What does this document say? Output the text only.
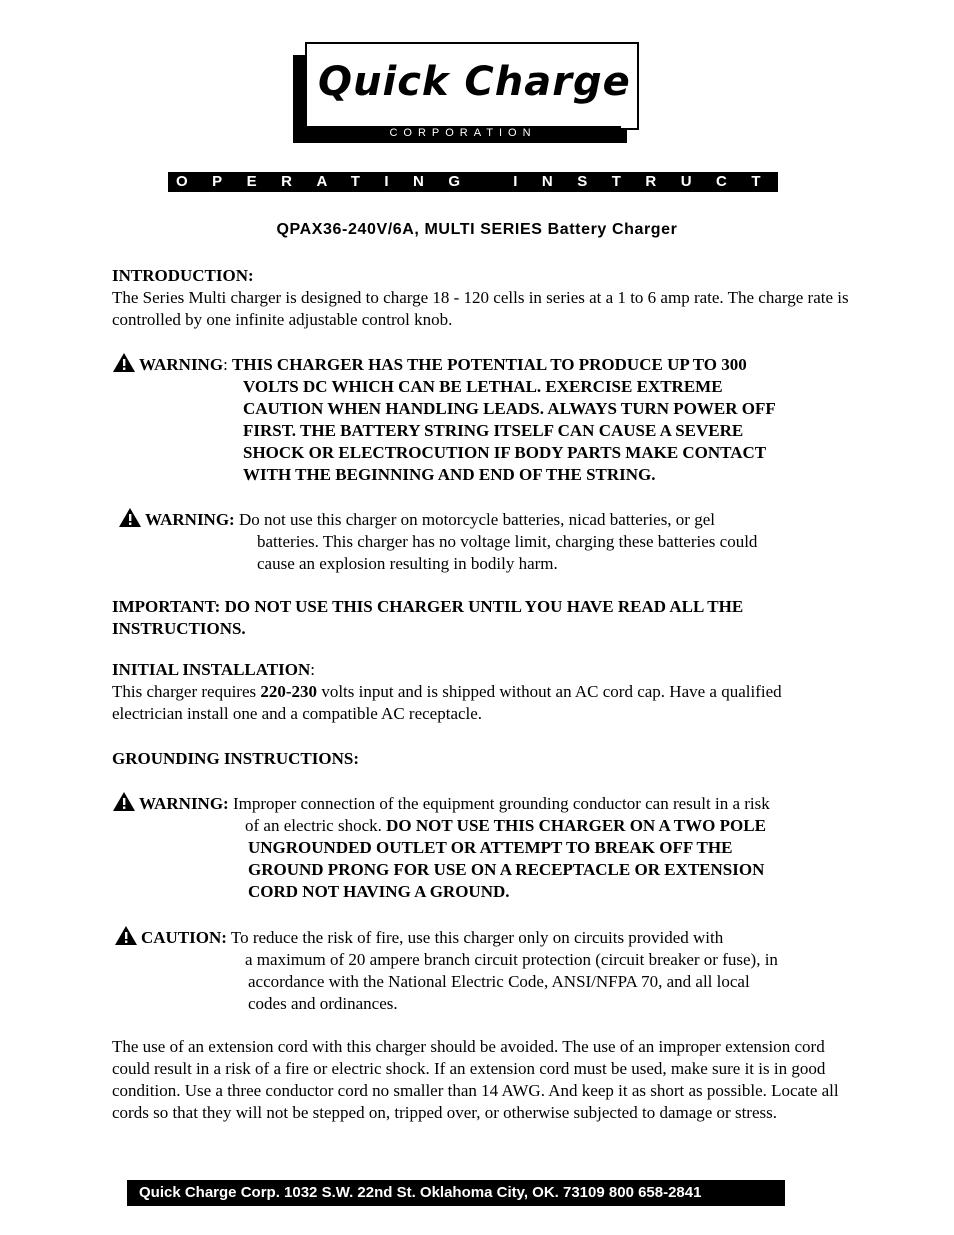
Quick Charge
CORPORATION
OPERATING INSTRUCTIONS
QPAX36-240V/6A, MULTI SERIES Battery Charger
INTRODUCTION:
The Series Multi charger is designed to charge 18 - 120 cells in series at a 1 to 6 amp rate. The charge rate is controlled by one infinite adjustable control knob.
WARNING: THIS CHARGER HAS THE POTENTIAL TO PRODUCE UP TO 300
VOLTS DC WHICH CAN BE LETHAL. EXERCISE EXTREME
CAUTION WHEN HANDLING LEADS. ALWAYS TURN POWER OFF
FIRST. THE BATTERY STRING ITSELF CAN CAUSE A SEVERE
SHOCK OR ELECTROCUTION IF BODY PARTS MAKE CONTACT
WITH THE BEGINNING AND END OF THE STRING.
WARNING: Do not use this charger on motorcycle batteries, nicad batteries, or gel
batteries. This charger has no voltage limit, charging these batteries could
cause an explosion resulting in bodily harm.
IMPORTANT: DO NOT USE THIS CHARGER UNTIL YOU HAVE READ ALL THE INSTRUCTIONS.
INITIAL INSTALLATION:
This charger requires 220-230 volts input and is shipped without an AC cord cap. Have a qualified electrician install one and a compatible AC receptacle.
GROUNDING INSTRUCTIONS:
WARNING: Improper connection of the equipment grounding conductor can result in a risk
of an electric shock. DO NOT USE THIS CHARGER ON A TWO POLE
UNGROUNDED OUTLET OR ATTEMPT TO BREAK OFF THE
GROUND PRONG FOR USE ON A RECEPTACLE OR EXTENSION
CORD NOT HAVING A GROUND.
CAUTION: To reduce the risk of fire, use this charger only on circuits provided with
a maximum of 20 ampere branch circuit protection (circuit breaker or fuse), in
accordance with the National Electric Code, ANSI/NFPA 70, and all local
codes and ordinances.
The use of an extension cord with this charger should be avoided. The use of an improper extension cord could result in a risk of a fire or electric shock. If an extension cord must be used, make sure it is in good condition. Use a three conductor cord no smaller than 14 AWG. And keep it as short as possible. Locate all cords so that they will not be stepped on, tripped over, or otherwise subjected to damage or stress.
Quick Charge Corp. 1032 S.W. 22nd St. Oklahoma City, OK. 73109 800 658-2841
